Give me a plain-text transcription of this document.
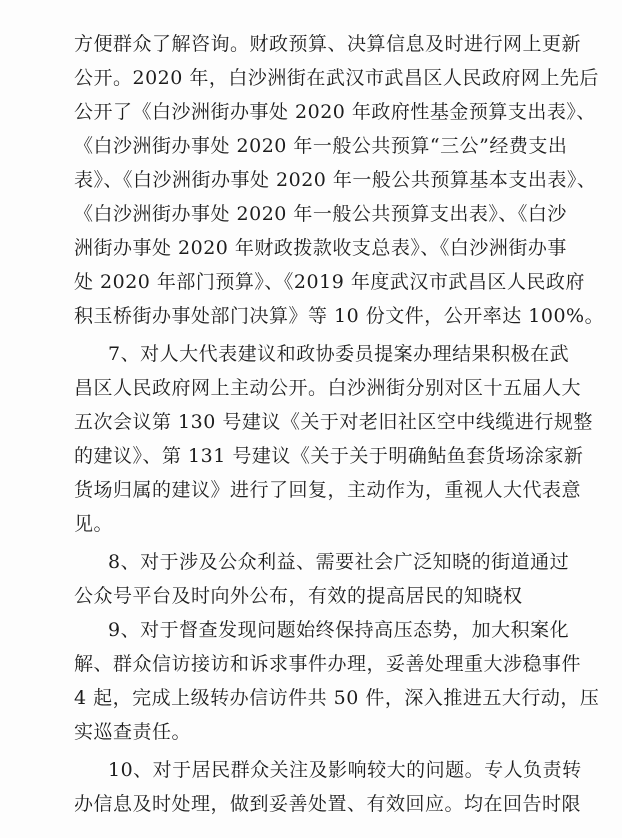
方便群众了解咨询。财政预算、决算信息及时进行网上更新
公开。2020 年，白沙洲街在武汉市武昌区人民政府网上先后
公开了《白沙洲街办事处 2020 年政府性基金预算支出表》、
《白沙洲街办事处 2020 年一般公共预算“三公”经费支出
表》、《白沙洲街办事处 2020 年一般公共预算基本支出表》、
《白沙洲街办事处 2020 年一般公共预算支出表》、《白沙
洲街办事处 2020 年财政拨款收支总表》、《白沙洲街办事
处 2020 年部门预算》、《2019 年度武汉市武昌区人民政府
积玉桥街办事处部门决算》等 10 份文件，公开率达 100%。
7、对人大代表建议和政协委员提案办理结果积极在武
昌区人民政府网上主动公开。白沙洲街分别对区十五届人大
五次会议第 130 号建议《关于对老旧社区空中线缆进行规整
的建议》、第 131 号建议《关于关于明确鲇鱼套货场涂家新
货场归属的建议》进行了回复，主动作为，重视人大代表意
见。
8、对于涉及公众利益、需要社会广泛知晓的街道通过
公众号平台及时向外公布，有效的提高居民的知晓权
9、对于督查发现问题始终保持高压态势，加大积案化
解、群众信访接访和诉求事件办理，妥善处理重大涉稳事件
4 起，完成上级转办信访件共 50 件，深入推进五大行动，压
实巡查责任。
10、对于居民群众关注及影响较大的问题。专人负责转
办信息及时处理，做到妥善处置、有效回应。均在回告时限
